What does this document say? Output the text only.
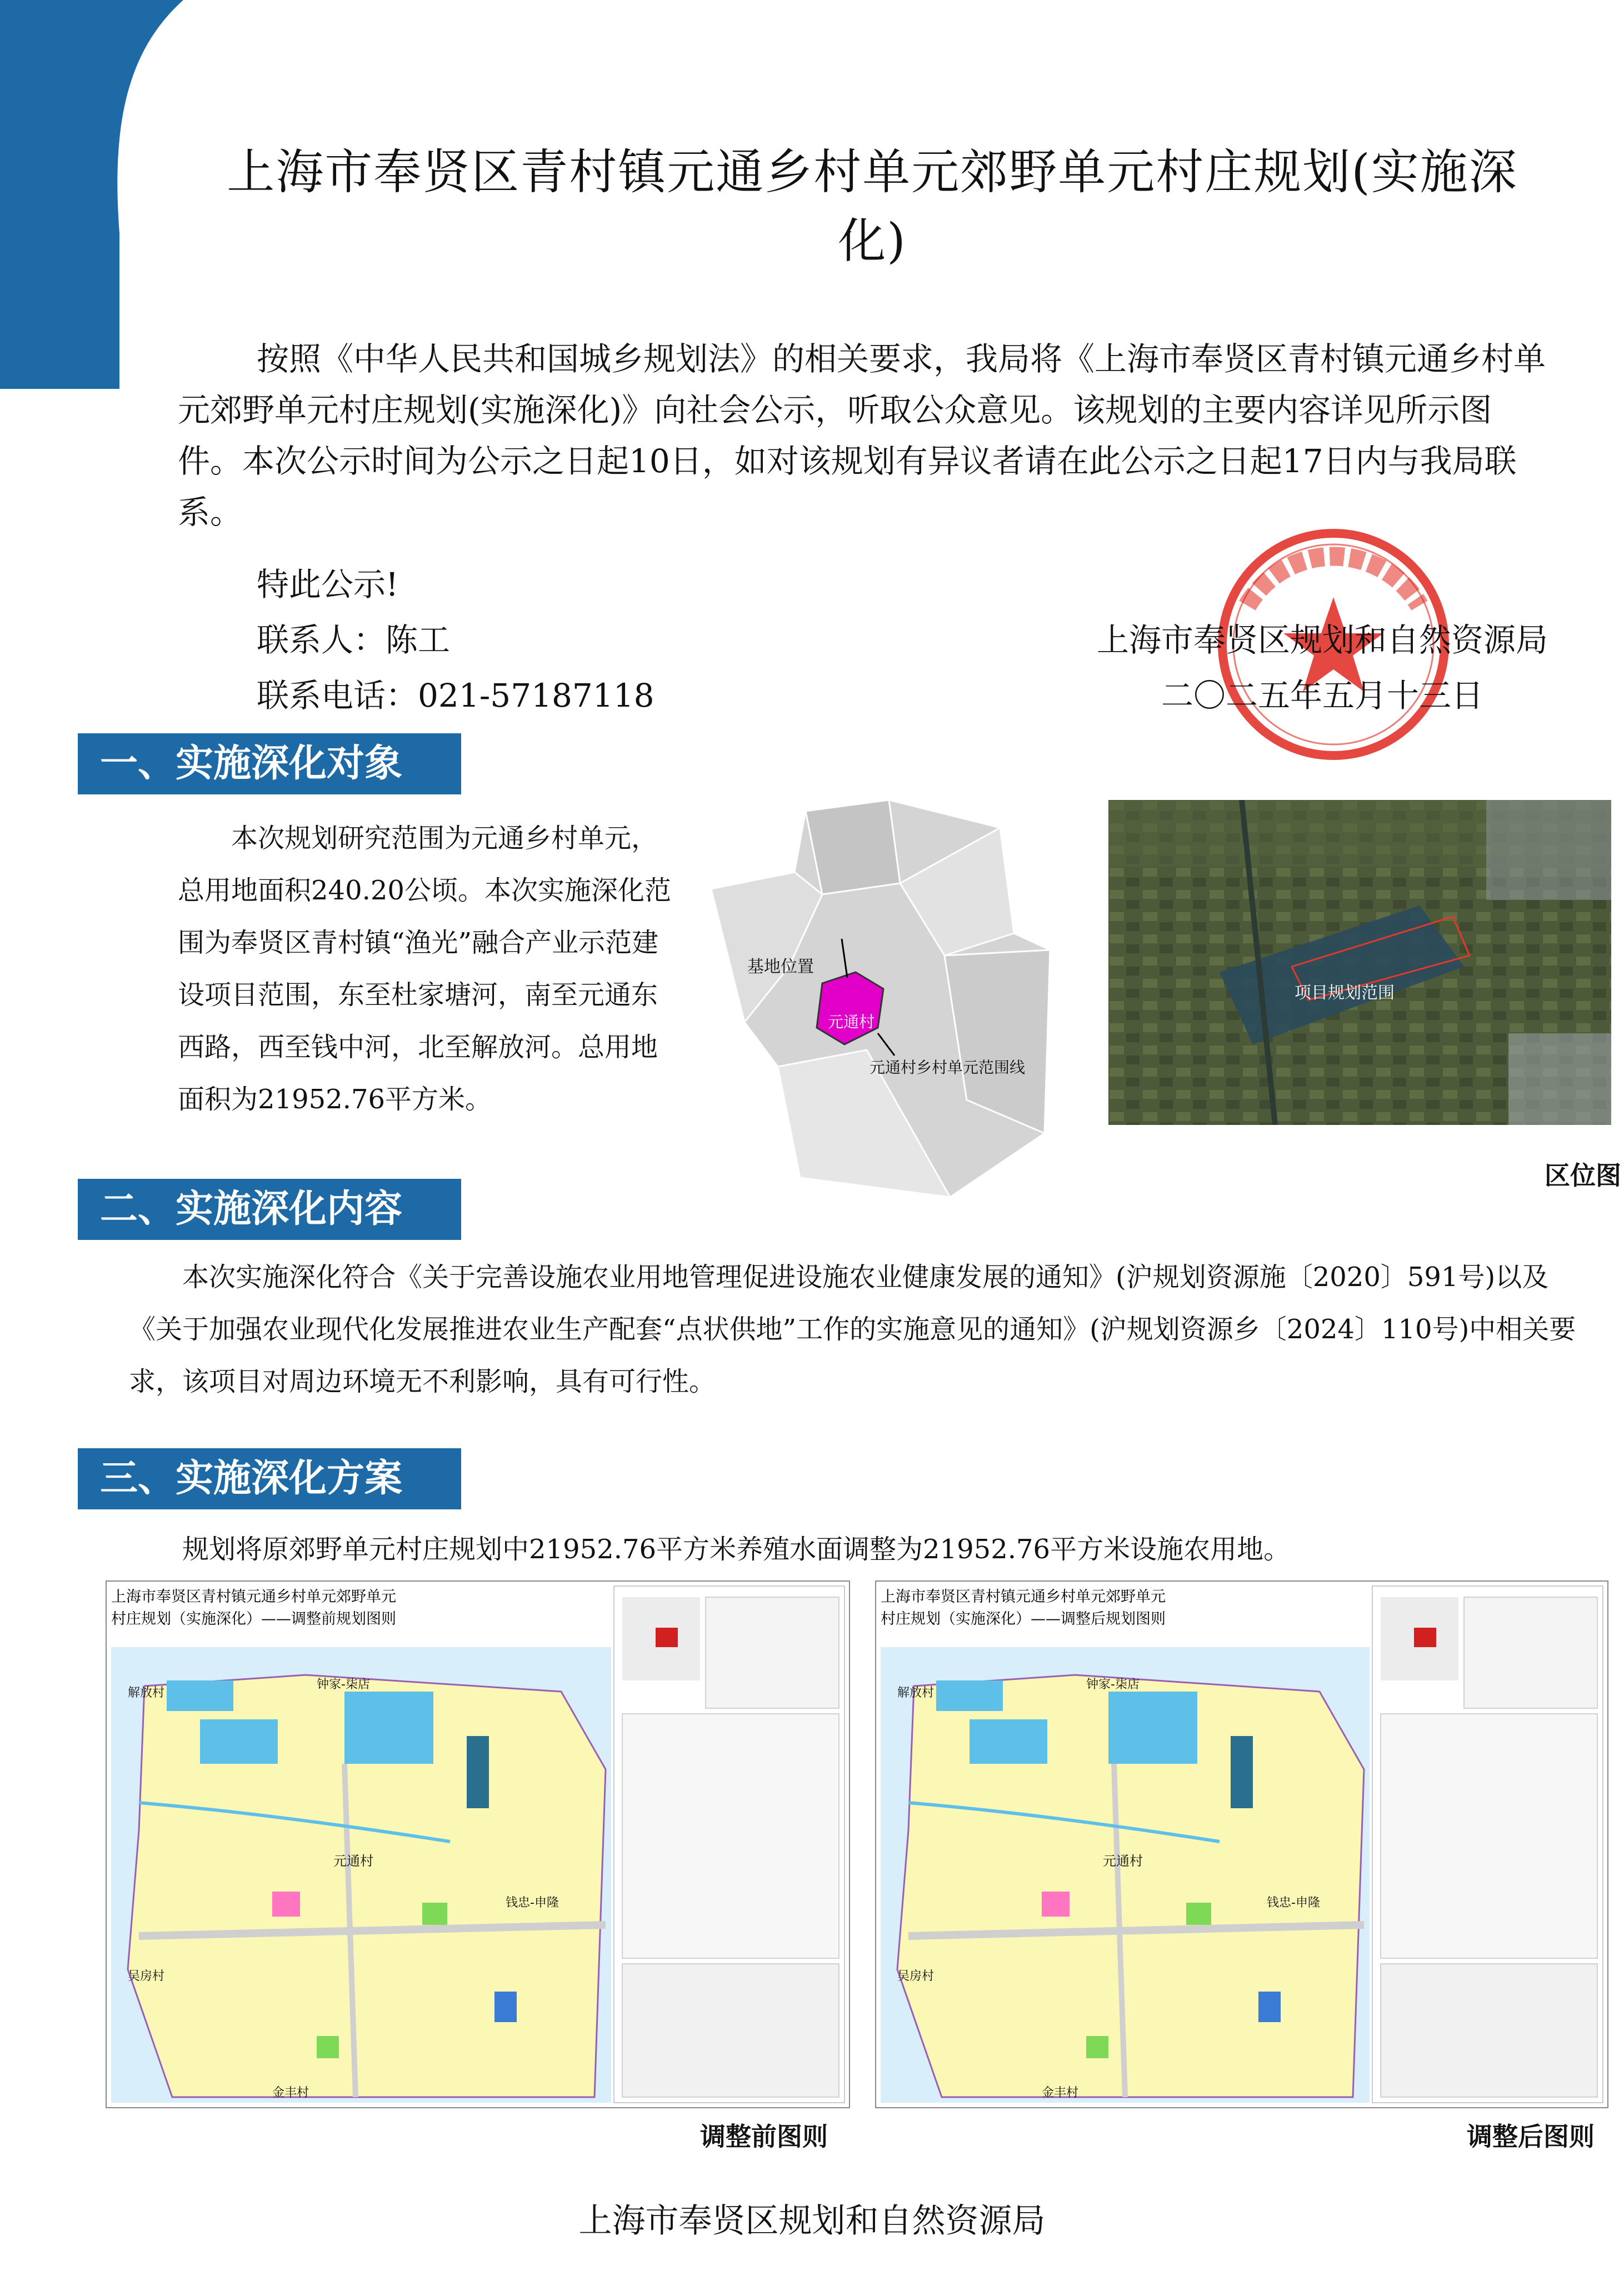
上海市奉贤区青村镇元通乡村单元郊野单元村庄规划(实施深化)
按照《中华人民共和国城乡规划法》的相关要求，我局将《上海市奉贤区青村镇元通乡村单元郊野单元村庄规划(实施深化)》向社会公示，听取公众意见。该规划的主要内容详见所示图件。本次公示时间为公示之日起10日，如对该规划有异议者请在此公示之日起17日内与我局联系。
特此公示!
联系人：陈工
联系电话：021-57187118
上海市奉贤区规划和自然资源局
二〇二五年五月十三日
一、实施深化对象
本次规划研究范围为元通乡村单元，总用地面积240.20公顷。本次实施深化范围为奉贤区青村镇“渔光”融合产业示范建设项目范围，东至杜家塘河，南至元通东西路，西至钱中河，北至解放河。总用地面积为21952.76平方米。
基地位置
元通村
元通村乡村单元范围线
项目规划范围
区位图
二、实施深化内容
本次实施深化符合《关于完善设施农业用地管理促进设施农业健康发展的通知》(沪规划资源施〔2020〕591号)以及《关于加强农业现代化发展推进农业生产配套“点状供地”工作的实施意见的通知》(沪规划资源乡〔2024〕110号)中相关要求，该项目对周边环境无不利影响，具有可行性。
三、实施深化方案
规划将原郊野单元村庄规划中21952.76平方米养殖水面调整为21952.76平方米设施农用地。
上海市奉贤区青村镇元通乡村单元郊野单元
村庄规划（实施深化）——调整前规划图则
钟家-柒店
解放村
元通村
钱忠-申隆
吴房村
金丰村
调整前图则
上海市奉贤区青村镇元通乡村单元郊野单元
村庄规划（实施深化）——调整后规划图则
钟家-柒店
解放村
元通村
钱忠-申隆
吴房村
金丰村
调整后图则
上海市奉贤区规划和自然资源局
